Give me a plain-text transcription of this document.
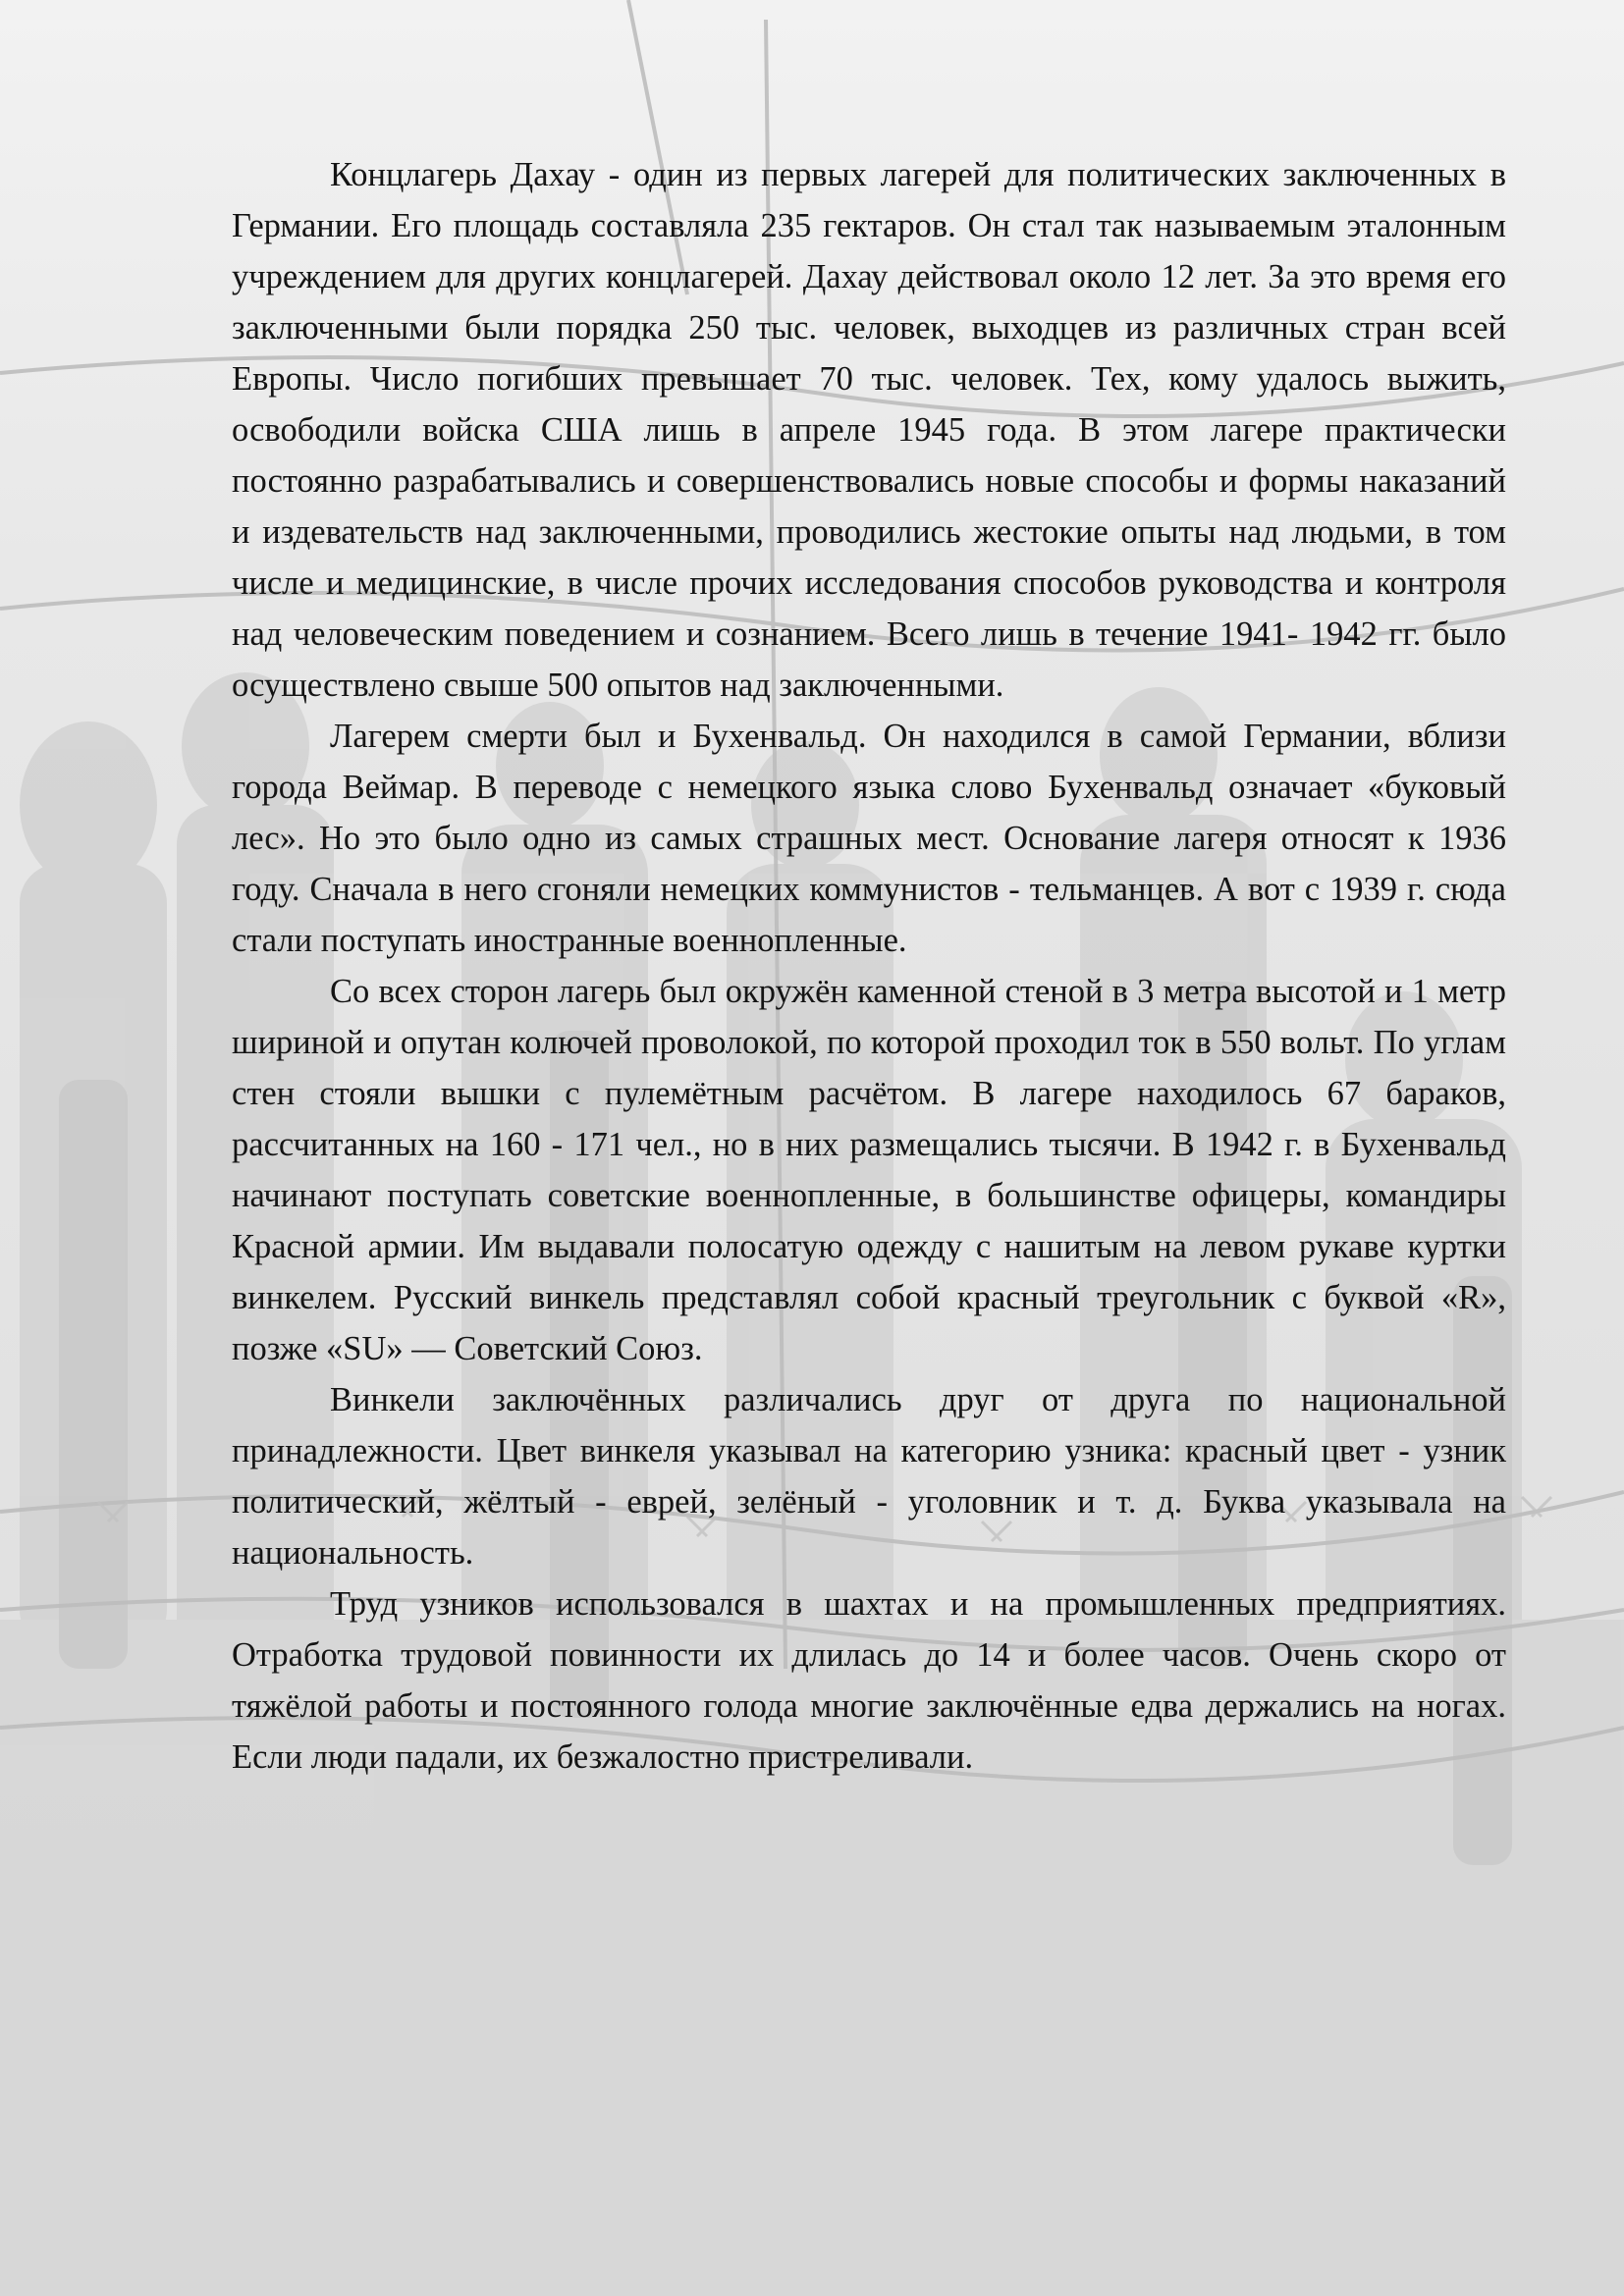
Концлагерь Дахау - один из первых лагерей для политических заключенных в Германии. Его площадь составляла 235 гектаров. Он стал так называемым эталонным учреждением для других концлагерей. Дахау действовал около 12 лет. За это время его заключенными были порядка 250 тыс. человек, выходцев из различных стран всей Европы. Число погибших превышает 70 тыс. человек. Тех, кому удалось выжить, освободили войска США лишь в апреле 1945 года. В этом лагере практически постоянно разрабатывались и совершенствовались новые способы и формы наказаний и издевательств над заключенными, проводились жестокие опыты над людьми, в том числе и медицинские, в числе прочих исследования способов руководства и контроля над человеческим поведением и сознанием. Всего лишь в течение 1941- 1942 гг. было осуществлено свыше 500 опытов над заключенными.

Лагерем смерти был и Бухенвальд. Он находился в самой Германии, вблизи города Веймар. В переводе с немецкого языка слово Бухенвальд означает «буковый лес». Но это было одно из самых страшных мест. Основание лагеря относят к 1936 году. Сначала в него сгоняли немецких коммунистов - тельманцев. А вот с 1939 г. сюда стали поступать иностранные военнопленные.

Со всех сторон лагерь был окружён каменной стеной в 3 метра высотой и 1 метр шириной и опутан колючей проволокой, по которой проходил ток в 550 вольт. По углам стен стояли вышки с пулемётным расчётом. В лагере находилось 67 бараков, рассчитанных на 160 - 171 чел., но в них размещались тысячи. В 1942 г. в Бухенвальд начинают поступать советские военнопленные, в большинстве офицеры, командиры Красной армии. Им выдавали полосатую одежду с нашитым на левом рукаве куртки винкелем. Русский винкель представлял собой красный треугольник с буквой «R», позже «SU» — Советский Союз.

Винкели заключённых различались друг от друга по национальной принадлежности. Цвет винкеля указывал на категорию узника: красный цвет - узник политический, жёлтый - еврей, зелёный - уголовник и т. д. Буква указывала на национальность.

Труд узников использовался в шахтах и на промышленных предприятиях. Отработка трудовой повинности их длилась до 14 и более часов. Очень скоро от тяжёлой работы и постоянного голода многие заключённые едва держались на ногах. Если люди падали, их безжалостно пристреливали.
